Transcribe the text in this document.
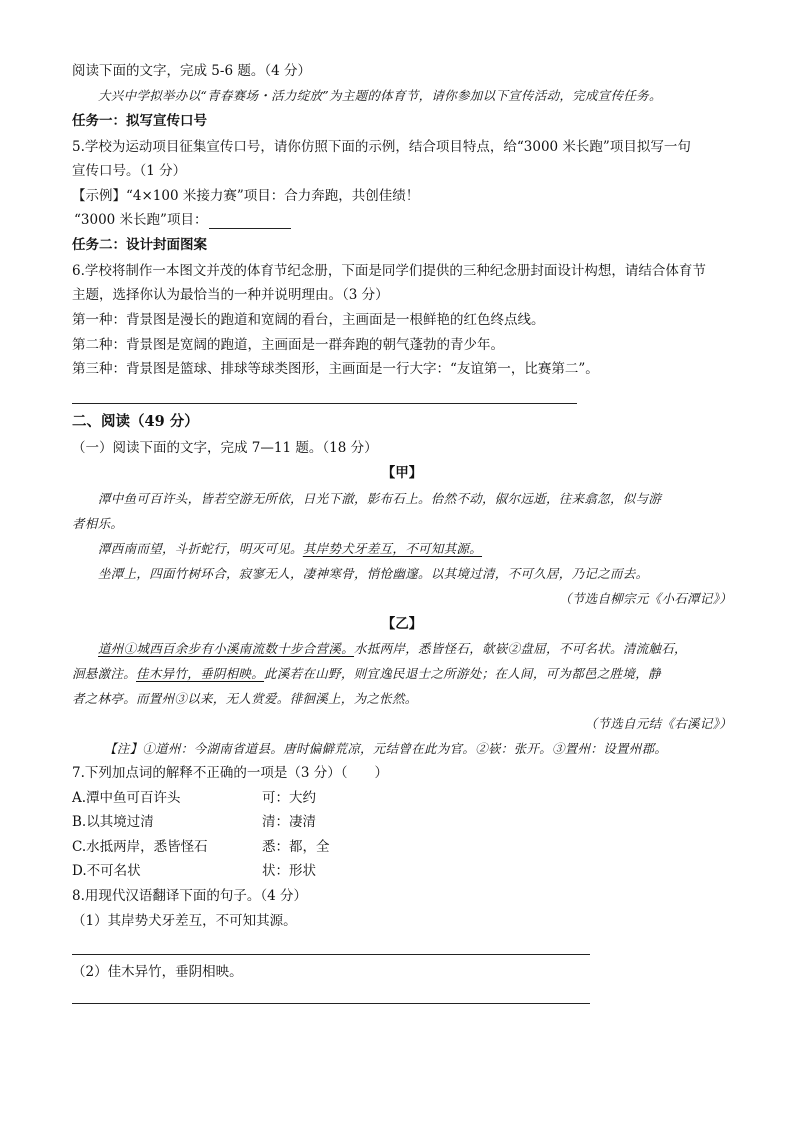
阅读下面的文字，完成 5-6 题。（4 分）
大兴中学拟举办以“青春赛场・活力绽放”为主题的体育节，请你参加以下宣传活动，完成宣传任务。
任务一：拟写宣传口号
5.学校为运动项目征集宣传口号，请你仿照下面的示例，结合项目特点，给“3000 米长跑”项目拟写一句
宣传口号。（1 分）
【示例】“4×100 米接力赛”项目：合力奔跑，共创佳绩！
“3000 米长跑”项目：
任务二：设计封面图案
6.学校将制作一本图文并茂的体育节纪念册，下面是同学们提供的三种纪念册封面设计构想，请结合体育节
主题，选择你认为最恰当的一种并说明理由。（3 分）
第一种：背景图是漫长的跑道和宽阔的看台，主画面是一根鲜艳的红色终点线。
第二种：背景图是宽阔的跑道，主画面是一群奔跑的朝气蓬勃的青少年。
第三种：背景图是篮球、排球等球类图形，主画面是一行大字：“友谊第一，比赛第二”。
二、阅读（49 分）
（一）阅读下面的文字，完成 7—11 题。（18 分）
【甲】
潭中鱼可百许头，皆若空游无所依，日光下澈，影布石上。佁然不动，俶尔远逝，往来翕忽，似与游
者相乐。
潭西南而望，斗折蛇行，明灭可见。其岸势犬牙差互，不可知其源。
坐潭上，四面竹树环合，寂寥无人，凄神寒骨，悄怆幽邃。以其境过清，不可久居，乃记之而去。
（节选自柳宗元《小石潭记》）
【乙】
道州①城西百余步有小溪南流数十步合营溪。水抵两岸，悉皆怪石，欹嵚②盘屈，不可名状。清流触石，
洄悬激注。佳木异竹，垂阴相映。此溪若在山野，则宜逸民退士之所游处；在人间，可为都邑之胜境，静
者之林亭。而置州③以来，无人赏爱。徘徊溪上，为之怅然。
（节选自元结《右溪记》）
【注】①道州：今湖南省道县。唐时偏僻荒凉，元结曾在此为官。②嵚：张开。③置州：设置州郡。
7.下列加点词的解释不正确的一项是（3 分）（　　）
A.潭中鱼可百许头	可：大约
B.以其境过清	清：凄清
C.水抵两岸，悉皆怪石	悉：都，全
D.不可名状	状：形状
8.用现代汉语翻译下面的句子。（4 分）
（1）其岸势犬牙差互，不可知其源。
（2）佳木异竹，垂阴相映。
